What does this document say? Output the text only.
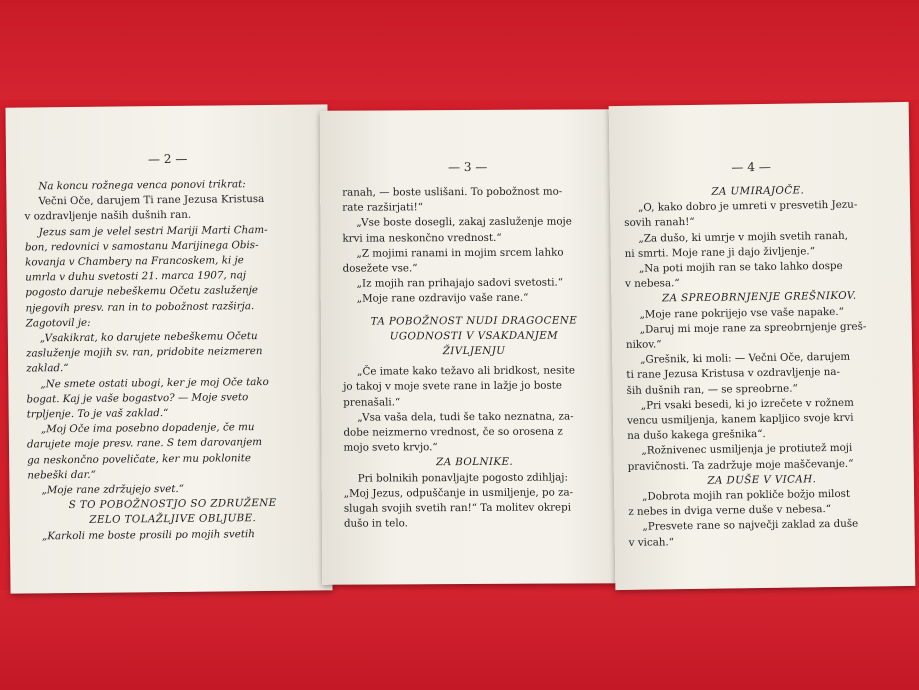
— 2 —

Na koncu rožnega venca ponovi trikrat:

Večni Oče, darujem Ti rane Jezusa Kristusa

v ozdravljenje naših dušnih ran.

Jezus sam je velel sestri Mariji Marti Cham-

bon, redovnici v samostanu Marijinega Obis-

kovanja v Chambery na Francoskem, ki je

umrla v duhu svetosti 21. marca 1907, naj

pogosto daruje nebeškemu Očetu zasluženje

njegovih presv. ran in to pobožnost razširja.

Zagotovil je:

„Vsakikrat, ko darujete nebeškemu Očetu

zasluženje mojih sv. ran, pridobite neizmeren

zaklad.“

„Ne smete ostati ubogi, ker je moj Oče tako

bogat. Kaj je vaše bogastvo? — Moje sveto

trpljenje. To je vaš zaklad.“

„Moj Oče ima posebno dopadenje, če mu

darujete moje presv. rane. S tem darovanjem

ga neskončno poveličate, ker mu poklonite

nebeški dar.“

„Moje rane zdržujejo svet.“

S TO POBOŽNOSTJO SO ZDRUŽENE

ZELO TOLAŽLJIVE OBLJUBE.

„Karkoli me boste prosili po mojih svetih

— 3 —

ranah, — boste uslišani. To pobožnost mo-

rate razširjati!“

„Vse boste dosegli, zakaj zasluženje moje

krvi ima neskončno vrednost.“

„Z mojimi ranami in mojim srcem lahko

dosežete vse.“

„Iz mojih ran prihajajo sadovi svetosti.“

„Moje rane ozdravijo vaše rane.“

TA POBOŽNOST NUDI DRAGOCENE

UGODNOSTI V VSAKDANJEM

ŽIVLJENJU

„Če imate kako težavo ali bridkost, nesite

jo takoj v moje svete rane in lažje jo boste

prenašali.“

„Vsa vaša dela, tudi še tako neznatna, za-

dobe neizmerno vrednost, če so orosena z

mojo sveto krvjo.“

ZA BOLNIKE.

Pri bolnikih ponavljajte pogosto zdihljaj:

„Moj Jezus, odpuščanje in usmiljenje, po za-

slugah svojih svetih ran!“ Ta molitev okrepi

dušo in telo.

— 4 —

ZA UMIRAJOČE.

„O, kako dobro je umreti v presvetih Jezu-

sovih ranah!“

„Za dušo, ki umrje v mojih svetih ranah,

ni smrti. Moje rane ji dajo življenje.“

„Na poti mojih ran se tako lahko dospe

v nebesa.“

ZA SPREOBRNJENJE GREŠNIKOV.

„Moje rane pokrijejo vse vaše napake.“

„Daruj mi moje rane za spreobrnjenje greš-

nikov.“

„Grešnik, ki moli: — Večni Oče, darujem

ti rane Jezusa Kristusa v ozdravljenje na-

ših dušnih ran, — se spreobrne.“

„Pri vsaki besedi, ki jo izrečete v rožnem

vencu usmiljenja, kanem kapljico svoje krvi

na dušo kakega grešnika“.

„Rožnivenec usmiljenja je protiutež moji

pravičnosti. Ta zadržuje moje maščevanje.“

ZA DUŠE V VICAH.

„Dobrota mojih ran pokliče božjo milost

z nebes in dviga verne duše v nebesa.“

„Presvete rane so največji zaklad za duše

v vicah.“
